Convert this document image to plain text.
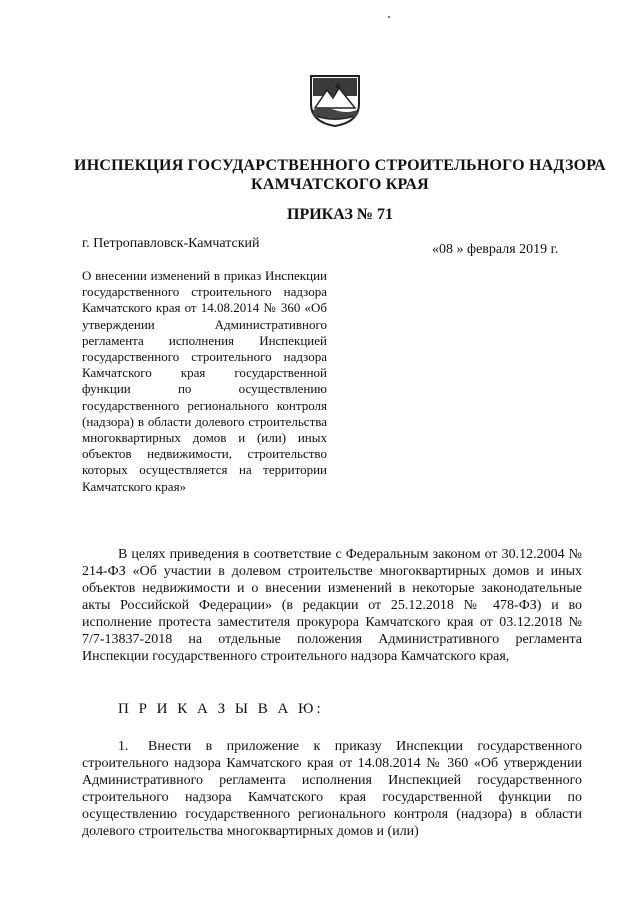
ИНСПЕКЦИЯ ГОСУДАРСТВЕННОГО СТРОИТЕЛЬНОГО НАДЗОРА
КАМЧАТСКОГО КРАЯ
ПРИКАЗ № 71
г. Петропавловск-Камчатский	«08 » февраля 2019 г.
О внесении изменений в приказ Инспекции государственного строительного надзора Камчатского края от 14.08.2014 № 360 «Об утверждении Административного регламента исполнения Инспекцией государственного строительного надзора Камчатского края государственной функции по осуществлению государственного регионального контроля (надзора) в области долевого строительства многоквартирных домов и (или) иных объектов недвижимости, строительство которых осуществляется на территории Камчатского края»
В целях приведения в соответствие с Федеральным законом от 30.12.2004 № 214-ФЗ «Об участии в долевом строительстве многоквартирных домов и иных объектов недвижимости и о внесении изменений в некоторые законодательные акты Российской Федерации» (в редакции от 25.12.2018 № 478-ФЗ) и во исполнение протеста заместителя прокурора Камчатского края от 03.12.2018 № 7/7-13837-2018 на отдельные положения Административного регламента Инспекции государственного строительного надзора Камчатского края,
П Р И К А З Ы В А Ю:
1. Внести в приложение к приказу Инспекции государственного строительного надзора Камчатского края от 14.08.2014 № 360 «Об утверждении Административного регламента исполнения Инспекцией государственного строительного надзора Камчатского края государственной функции по осуществлению государственного регионального контроля (надзора) в области долевого строительства многоквартирных домов и (или)
